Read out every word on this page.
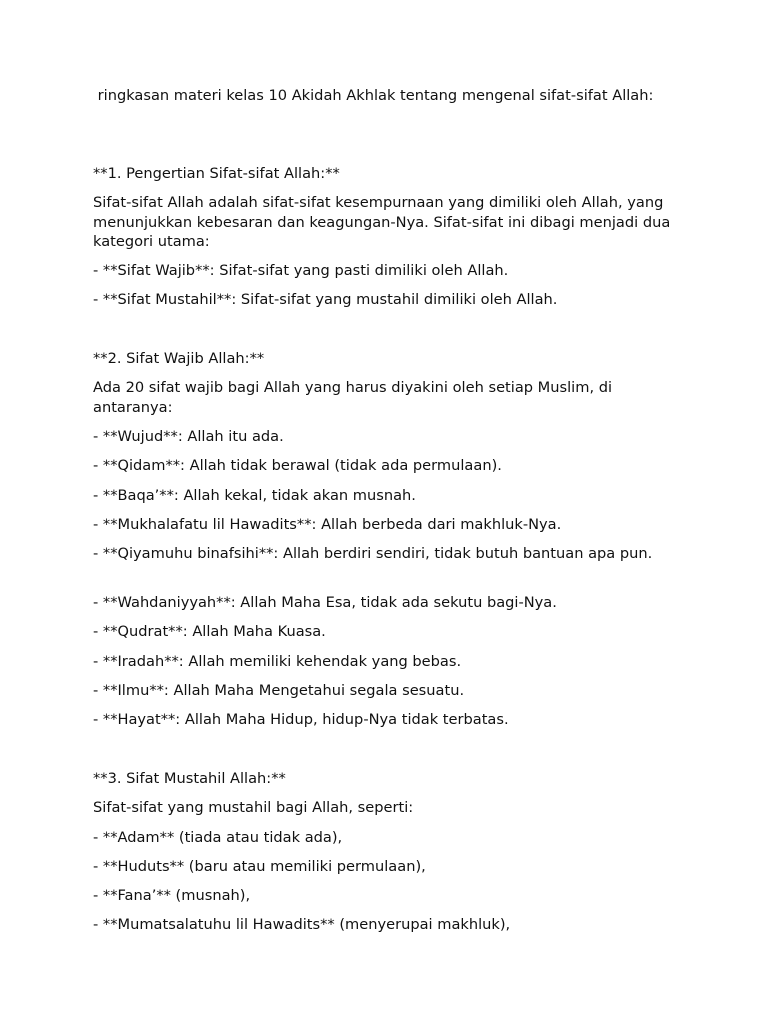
ringkasan materi kelas 10 Akidah Akhlak tentang mengenal sifat-sifat Allah:

**1. Pengertian Sifat-sifat Allah:**

Sifat-sifat Allah adalah sifat-sifat kesempurnaan yang dimiliki oleh Allah, yang menunjukkan kebesaran dan keagungan-Nya. Sifat-sifat ini dibagi menjadi dua kategori utama:

- **Sifat Wajib**: Sifat-sifat yang pasti dimiliki oleh Allah.

- **Sifat Mustahil**: Sifat-sifat yang mustahil dimiliki oleh Allah.

**2. Sifat Wajib Allah:**

Ada 20 sifat wajib bagi Allah yang harus diyakini oleh setiap Muslim, di antaranya:

- **Wujud**: Allah itu ada.

- **Qidam**: Allah tidak berawal (tidak ada permulaan).

- **Baqa’**: Allah kekal, tidak akan musnah.

- **Mukhalafatu lil Hawadits**: Allah berbeda dari makhluk-Nya.

- **Qiyamuhu binafsihi**: Allah berdiri sendiri, tidak butuh bantuan apa pun.

- **Wahdaniyyah**: Allah Maha Esa, tidak ada sekutu bagi-Nya.

- **Qudrat**: Allah Maha Kuasa.

- **Iradah**: Allah memiliki kehendak yang bebas.

- **Ilmu**: Allah Maha Mengetahui segala sesuatu.

- **Hayat**: Allah Maha Hidup, hidup-Nya tidak terbatas.

**3. Sifat Mustahil Allah:**

Sifat-sifat yang mustahil bagi Allah, seperti:

- **Adam** (tiada atau tidak ada),

- **Huduts** (baru atau memiliki permulaan),

- **Fana’** (musnah),

- **Mumatsalatuhu lil Hawadits** (menyerupai makhluk),
